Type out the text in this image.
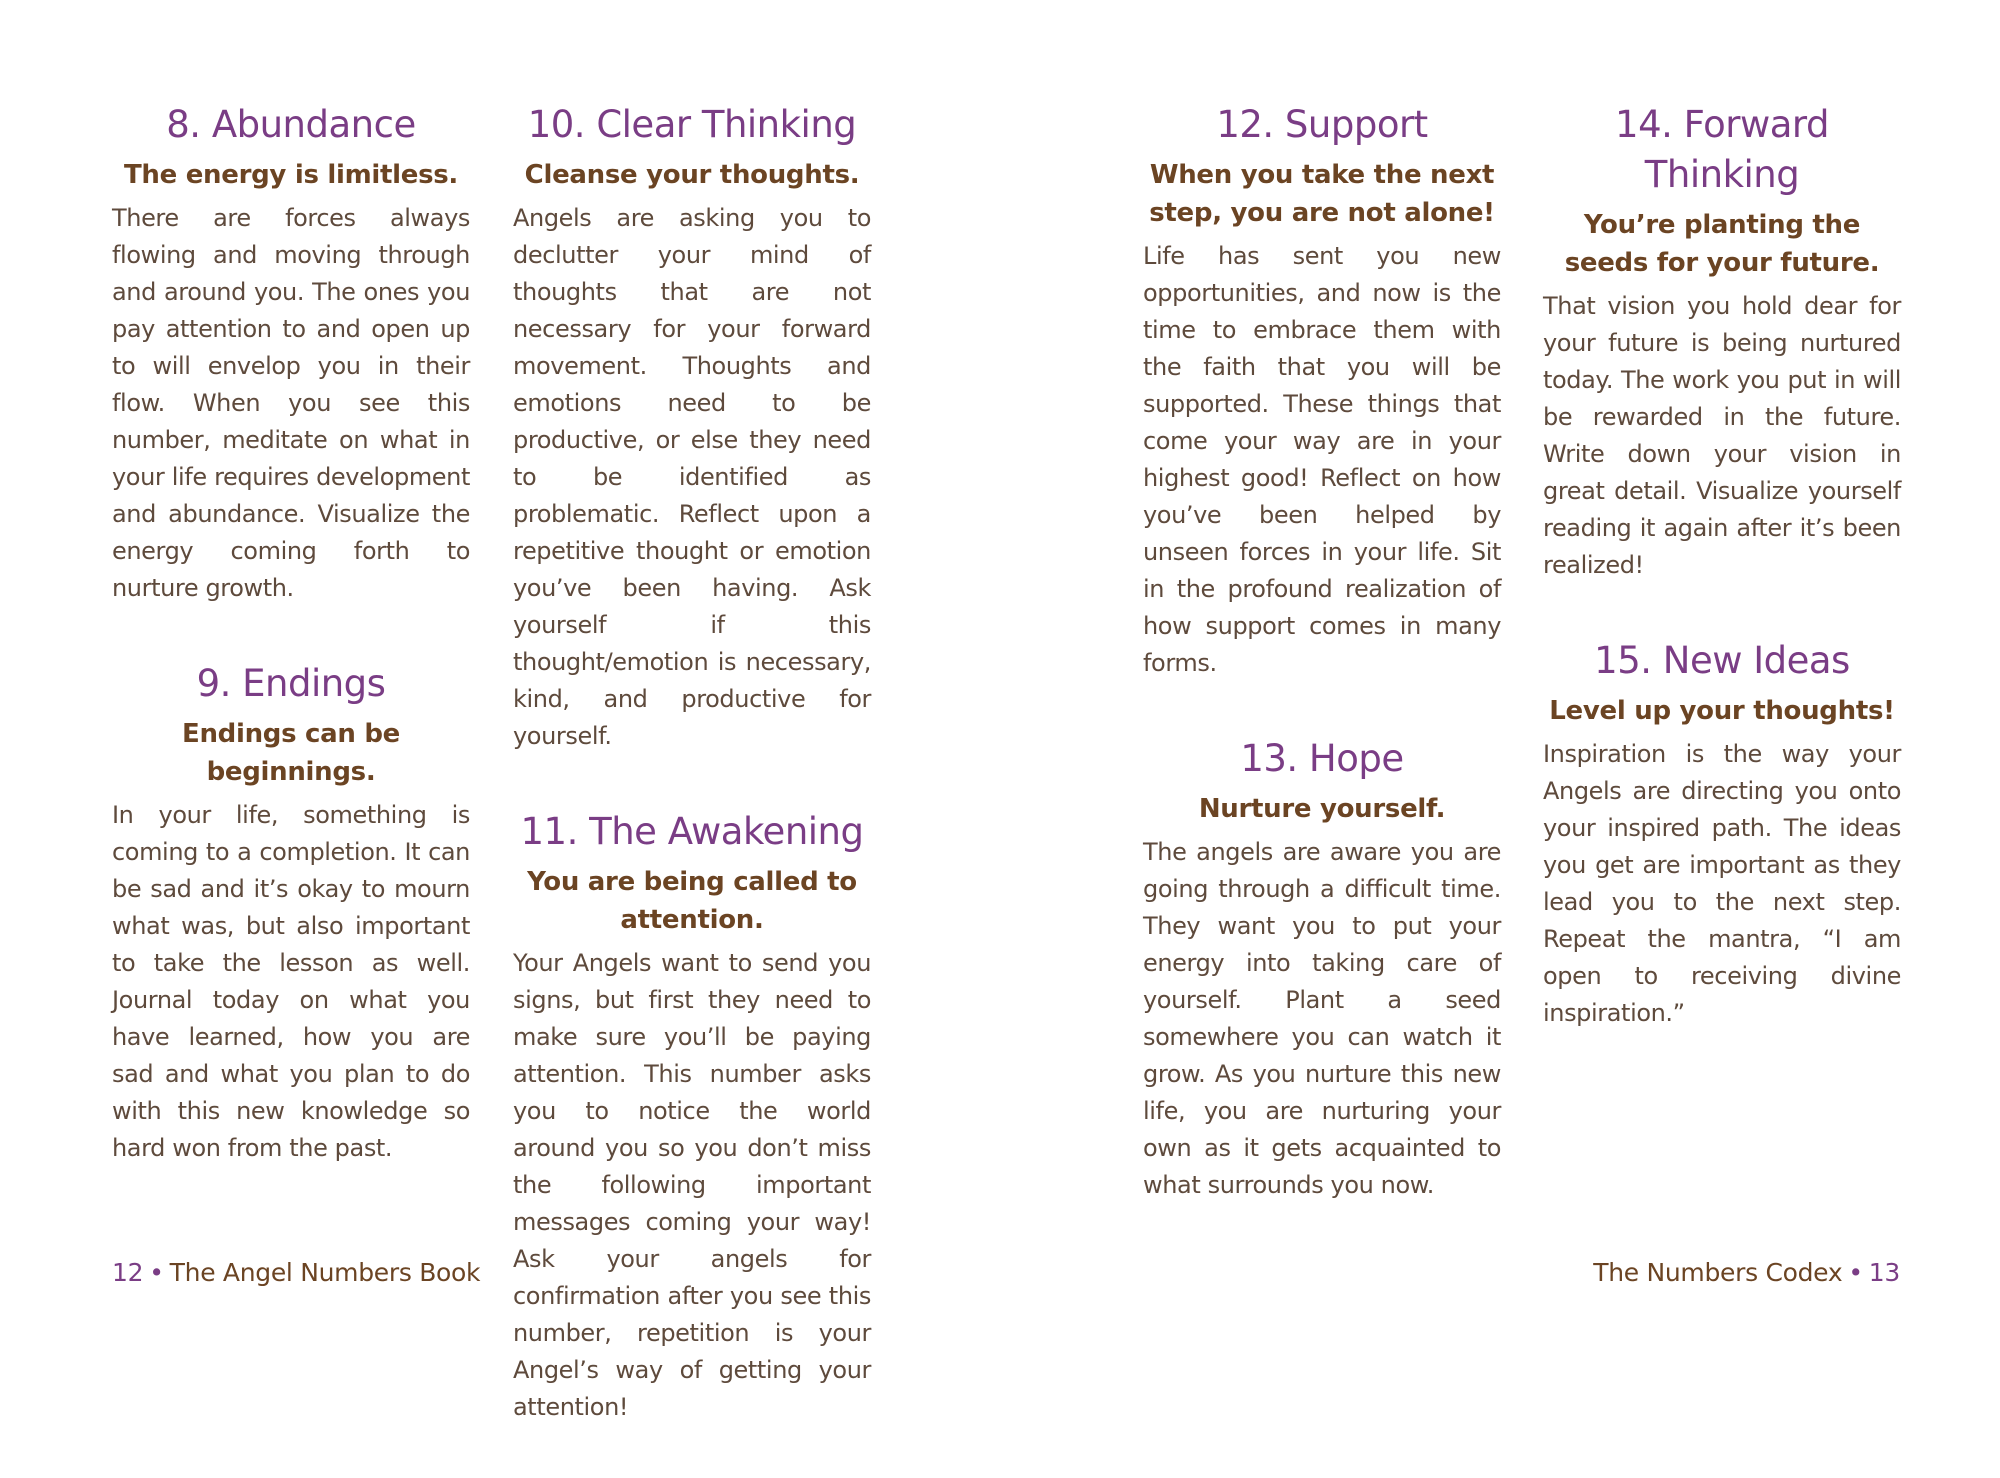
8. Abundance
The energy is limitless.

There are forces always flowing and moving through and around you. The ones you pay attention to and open up to will envelop you in their flow. When you see this number, meditate on what in your life requires development and abundance. Visualize the energy coming forth to nurture growth.

9. Endings
Endings can be beginnings.

In your life, something is coming to a completion. It can be sad and it’s okay to mourn what was, but also important to take the lesson as well. Journal today on what you have learned, how you are sad and what you plan to do with this new knowledge so hard won from the past.

10. Clear Thinking
Cleanse your thoughts.

Angels are asking you to declutter your mind of thoughts that are not necessary for your forward movement. Thoughts and emotions need to be productive, or else they need to be identified as problematic. Reflect upon a repetitive thought or emotion you’ve been having. Ask yourself if this thought/emotion is necessary, kind, and productive for yourself.

11. The Awakening
You are being called to attention.

Your Angels want to send you signs, but first they need to make sure you’ll be paying attention. This number asks you to notice the world around you so you don’t miss the following important messages coming your way! Ask your angels for confirmation after you see this number, repetition is your Angel’s way of getting your attention!

12. Support
When you take the next step, you are not alone!

Life has sent you new opportunities, and now is the time to embrace them with the faith that you will be supported. These things that come your way are in your highest good! Reflect on how you’ve been helped by unseen forces in your life. Sit in the profound realization of how support comes in many forms.

13. Hope
Nurture yourself.

The angels are aware you are going through a difficult time. They want you to put your energy into taking care of yourself. Plant a seed somewhere you can watch it grow. As you nurture this new life, you are nurturing your own as it gets acquainted to what surrounds you now.

14. Forward Thinking
You’re planting the seeds for your future.

That vision you hold dear for your future is being nurtured today. The work you put in will be rewarded in the future. Write down your vision in great detail. Visualize yourself reading it again after it’s been realized!

15. New Ideas
Level up your thoughts!

Inspiration is the way your Angels are directing you onto your inspired path. The ideas you get are important as they lead you to the next step. Repeat the mantra, “I am open to receiving divine inspiration.”

12 • The Angel Numbers Book	The Numbers Codex • 13
